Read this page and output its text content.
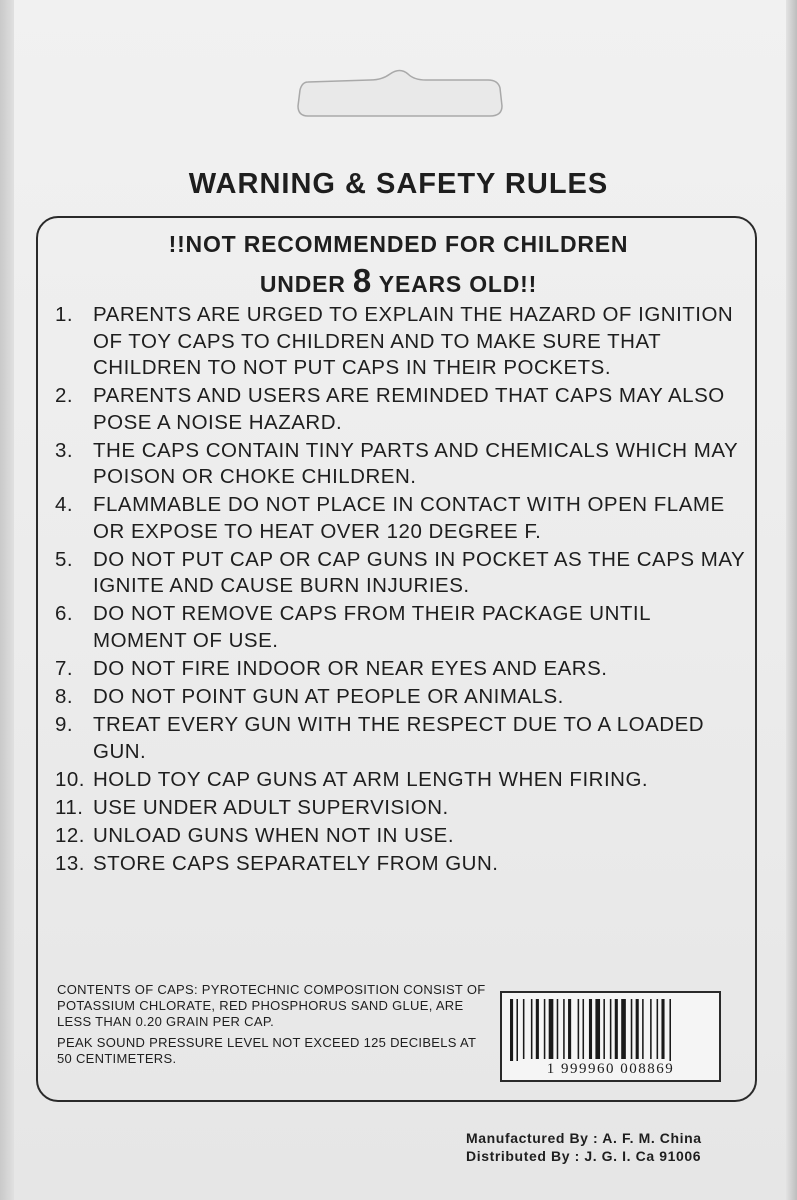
WARNING & SAFETY RULES
!!NOT RECOMMENDED FOR CHILDREN
UNDER 8 YEARS OLD!!
1. PARENTS ARE URGED TO EXPLAIN THE HAZARD OF IGNITION OF TOY CAPS TO CHILDREN AND TO MAKE SURE THAT CHILDREN TO NOT PUT CAPS IN THEIR POCKETS.
2. PARENTS AND USERS ARE REMINDED THAT CAPS MAY ALSO POSE A NOISE HAZARD.
3. THE CAPS CONTAIN TINY PARTS AND CHEMICALS WHICH MAY POISON OR CHOKE CHILDREN.
4. FLAMMABLE DO NOT PLACE IN CONTACT WITH OPEN FLAME OR EXPOSE TO HEAT OVER 120 DEGREE F.
5. DO NOT PUT CAP OR CAP GUNS IN POCKET AS THE CAPS MAY IGNITE AND CAUSE BURN INJURIES.
6. DO NOT REMOVE CAPS FROM THEIR PACKAGE UNTIL MOMENT OF USE.
7. DO NOT FIRE INDOOR OR NEAR EYES AND EARS.
8. DO NOT POINT GUN AT PEOPLE OR ANIMALS.
9. TREAT EVERY GUN WITH THE RESPECT DUE TO A LOADED GUN.
10. HOLD TOY CAP GUNS AT ARM LENGTH WHEN FIRING.
11. USE UNDER ADULT SUPERVISION.
12. UNLOAD GUNS WHEN NOT IN USE.
13. STORE CAPS SEPARATELY FROM GUN.

CONTENTS OF CAPS: PYROTECHNIC COMPOSITION CONSIST OF POTASSIUM CHLORATE, RED PHOSPHORUS SAND GLUE, ARE LESS THAN 0.20 GRAIN PER CAP.

PEAK SOUND PRESSURE LEVEL NOT EXCEED 125 DECIBELS AT 50 CENTIMETERS.

1 999960 008869
Manufactured By : A. F. M. China
Distributed By : J. G. I. Ca 91006
